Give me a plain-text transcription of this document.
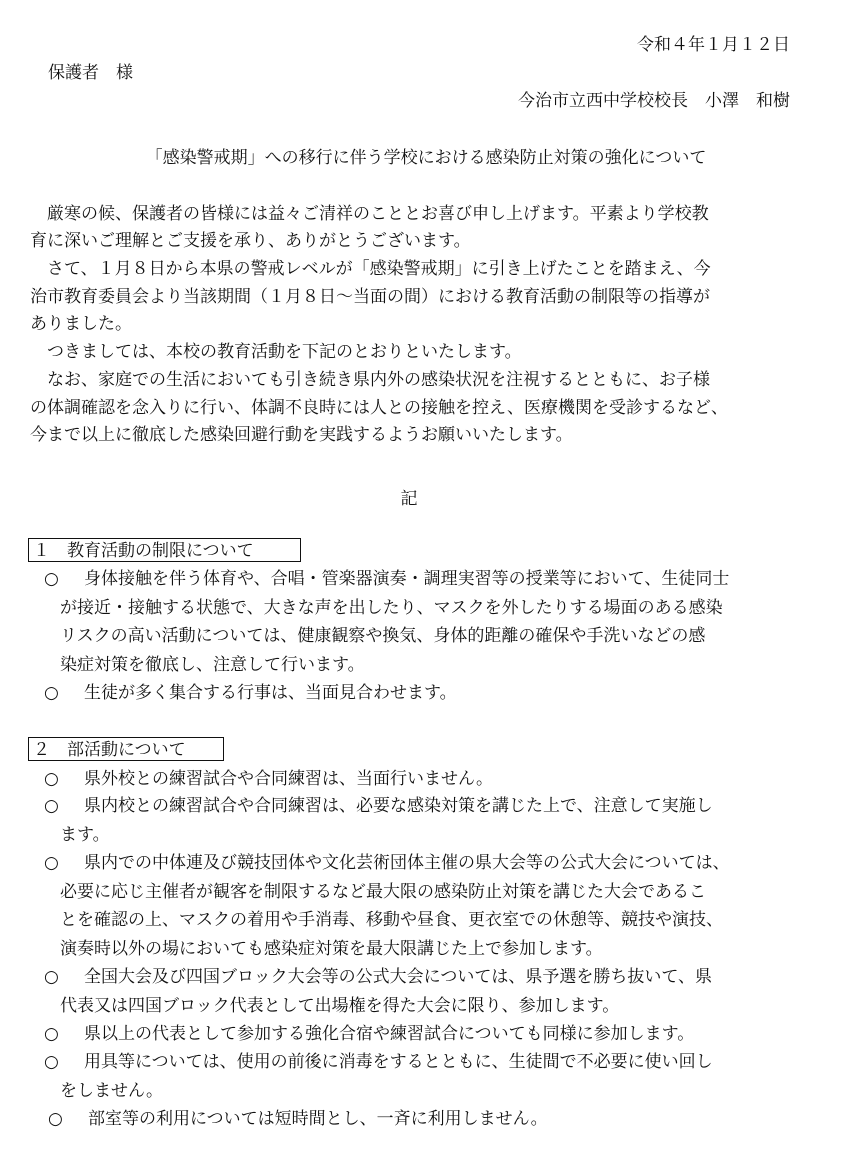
令和４年１月１２日
保護者　様
今治市立西中学校校長　小澤　和樹
「感染警戒期」への移行に伴う学校における感染防止対策の強化について
　厳寒の候、保護者の皆様には益々ご清祥のこととお喜び申し上げます。平素より学校教
育に深いご理解とご支援を承り、ありがとうございます。
　さて、１月８日から本県の警戒レベルが「感染警戒期」に引き上げたことを踏まえ、今
治市教育委員会より当該期間（１月８日～当面の間）における教育活動の制限等の指導が
ありました。
　つきましては、本校の教育活動を下記のとおりといたします。
　なお、家庭での生活においても引き続き県内外の感染状況を注視するとともに、お子様
の体調確認を念入りに行い、体調不良時には人との接触を控え、医療機関を受診するなど、
今まで以上に徹底した感染回避行動を実践するようお願いいたします。
記
１　教育活動の制限について
○ 身体接触を伴う体育や、合唱・管楽器演奏・調理実習等の授業等において、生徒同士
が接近・接触する状態で、大きな声を出したり、マスクを外したりする場面のある感染
リスクの高い活動については、健康観察や換気、身体的距離の確保や手洗いなどの感
染症対策を徹底し、注意して行います。
○ 生徒が多く集合する行事は、当面見合わせます。
２　部活動について
○ 県外校との練習試合や合同練習は、当面行いません。
○ 県内校との練習試合や合同練習は、必要な感染対策を講じた上で、注意して実施し
ます。
○ 県内での中体連及び競技団体や文化芸術団体主催の県大会等の公式大会については、
必要に応じ主催者が観客を制限するなど最大限の感染防止対策を講じた大会であるこ
とを確認の上、マスクの着用や手消毒、移動や昼食、更衣室での休憩等、競技や演技、
演奏時以外の場においても感染症対策を最大限講じた上で参加します。
○ 全国大会及び四国ブロック大会等の公式大会については、県予選を勝ち抜いて、県
代表又は四国ブロック代表として出場権を得た大会に限り、参加します。
○ 県以上の代表として参加する強化合宿や練習試合についても同様に参加します。
○ 用具等については、使用の前後に消毒をするとともに、生徒間で不必要に使い回し
をしません。
○ 部室等の利用については短時間とし、一斉に利用しません。
